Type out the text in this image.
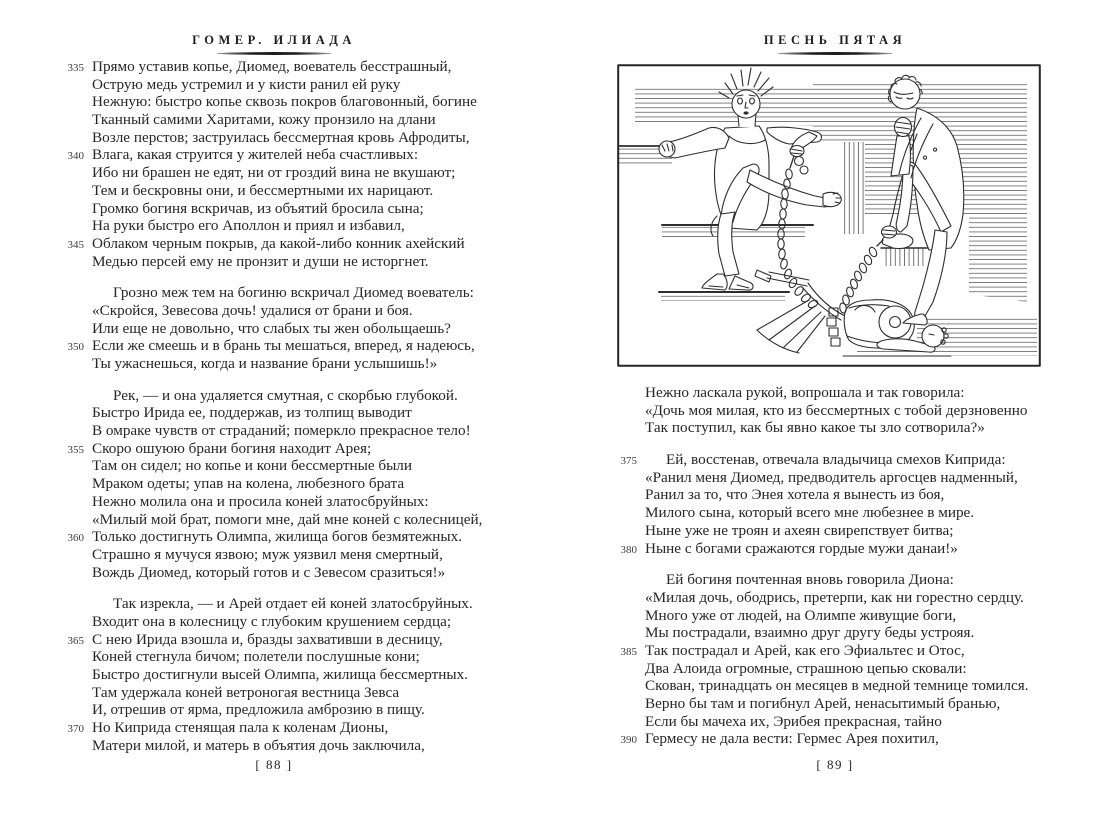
ГОМЕР. ИЛИАДА
335 Прямо уставив копье, Диомед, воеватель бесстрашный,
Острую медь устремил и у кисти ранил ей руку
Нежную: быстро копье сквозь покров благовонный, богине
Тканный самими Харитами, кожу пронзило на длани
Возле перстов; заструилась бессмертная кровь Афродиты,
340 Влага, какая струится у жителей неба счастливых:
Ибо ни брашен не едят, ни от гроздий вина не вкушают;
Тем и бескровны они, и бессмертными их нарицают.
Громко богиня вскричав, из объятий бросила сына;
На руки быстро его Аполлон и приял и избавил,
345 Облаком черным покрыв, да какой-либо конник ахейский
Медью персей ему не пронзит и души не исторгнет.
Грозно меж тем на богиню вскричал Диомед воеватель:
«Скройся, Зевесова дочь! удалися от брани и боя.
Или еще не довольно, что слабых ты жен обольщаешь?
350 Если же смеешь и в брань ты мешаться, вперед, я надеюсь,
Ты ужаснешься, когда и название брани услышишь!»
Рек, — и она удаляется смутная, с скорбью глубокой.
Быстро Ирида ее, поддержав, из толпищ выводит
В омраке чувств от страданий; померкло прекрасное тело!
355 Скоро ошуюю брани богиня находит Арея;
Там он сидел; но копье и кони бессмертные были
Мраком одеты; упав на колена, любезного брата
Нежно молила она и просила коней златосбруйных:
«Милый мой брат, помоги мне, дай мне коней с колесницей,
360 Только достигнуть Олимпа, жилища богов безмятежных.
Страшно я мучуся язвою; муж уязвил меня смертный,
Вождь Диомед, который готов и с Зевесом сразиться!»
Так изрекла, — и Арей отдает ей коней златосбруйных.
Входит она в колесницу с глубоким крушением сердца;
365 С нею Ирида взошла и, бразды захвативши в десницу,
Коней стегнула бичом; полетели послушные кони;
Быстро достигнули высей Олимпа, жилища бессмертных.
Там удержала коней ветроногая вестница Зевса
И, отрешив от ярма, предложила амброзию в пищу.
370 Но Киприда стенящая пала к коленам Дионы,
Матери милой, и матерь в объятия дочь заключила,
[ 88 ]
ПЕСНЬ ПЯТАЯ
Нежно ласкала рукой, вопрошала и так говорила:
«Дочь моя милая, кто из бессмертных с тобой дерзновенно
Так поступил, как бы явно какое ты зло сотворила?»
375	Ей, восстенав, отвечала владычица смехов Киприда:
«Ранил меня Диомед, предводитель аргосцев надменный,
Ранил за то, что Энея хотела я вынесть из боя,
Милого сына, который всего мне любезнее в мире.
Ныне уже не троян и ахеян свирепствует битва;
380 Ныне с богами сражаются гордые мужи данаи!»
Ей богиня почтенная вновь говорила Диона:
«Милая дочь, ободрись, претерпи, как ни горестно сердцу.
Много уже от людей, на Олимпе живущие боги,
Мы пострадали, взаимно друг другу беды устрояя.
385 Так пострадал и Арей, как его Эфиальтес и Отос,
Два Алоида огромные, страшною цепью сковали:
Скован, тринадцать он месяцев в медной темнице томился.
Верно бы там и погибнул Арей, ненасытимый бранью,
Если бы мачеха их, Эрибея прекрасная, тайно
390 Гермесу не дала вести: Гермес Арея похитил,
[ 89 ]
